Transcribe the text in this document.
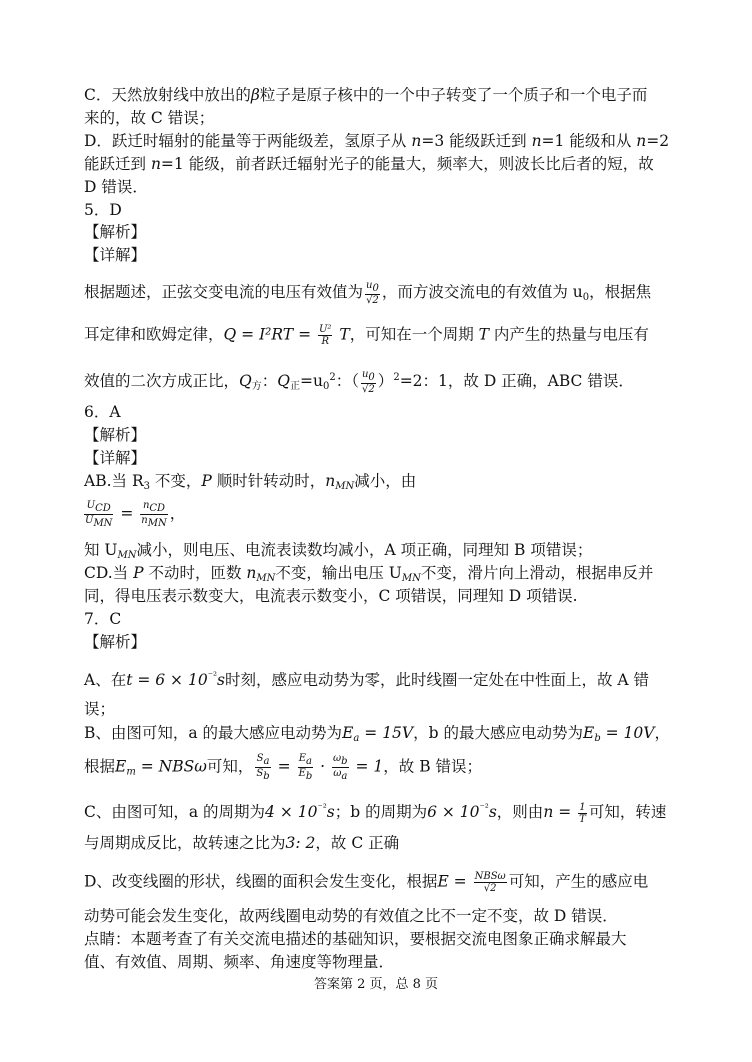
C．天然放射线中放出的β粒子是原子核中的一个中子转变了一个质子和一个电子而
来的，故 C 错误；
D．跃迁时辐射的能量等于两能级差，氢原子从 n=3 能级跃迁到 n=1 能级和从 n=2
能跃迁到 n=1 能级，前者跃迁辐射光子的能量大，频率大，则波长比后者的短，故
D 错误．
5．D
【解析】
【详解】
根据题述，正弦交变电流的电压有效值为 $\frac{u0}{√2}$ ，而方波交流电的有效值为 $u_0$，根据焦
耳定律和欧姆定律，$Q = I^2RT = \frac{\text{U²}}{R}$ T，可知在一个周期 T 内产生的热量与电压有
效值的二次方成正比，$Q_方$：$Q_正=u_0^2$：（ $\frac{u0}{√2} )^2=2$：1，故 D 正确，ABC 错误．
6．A
【解析】
【详解】
AB.当 $R_3$ 不变，P 顺时针转动时，$n_{MN}$减小，由
$\frac{\text{UCD}}{\text{UMN}} = \frac{\text{nCD}}{\text{nMN}}$ ，
知 $U_{MN}$减小，则电压、电流表读数均减小，A 项正确，同理知 B 项错误；
CD.当 P 不动时，匝数 $n_{MN}$不变，输出电压 $U_{MN}$不变，滑片向上滑动，根据串反并
同，得电压表示数变大，电流表示数变小，C 项错误，同理知 D 项错误.
7．C
【解析】
A、在$t = 6 \times 10^{^{-2}}s$时刻，感应电动势为零，此时线圈一定处在中性面上，故 A 错
误；
B、由图可知，a 的最大感应电动势为$E_a = 15V$，b 的最大感应电动势为$E_b = 10V$，
根据$E_m = NBS\omega$可知， $\frac{Sa}{Sb} = \frac{Ea}{Eb} \cdot \frac{\omega b}{\omega a} = 1$，故 B 错误；
C、由图可知，a 的周期为$4 \times 10^{^{-2}}s$；b 的周期为$6 \times 10^{^{-2}}s$，则由$n = \frac{1}{T}$ 可知，转速
与周期成反比，故转速之比为3: 2，故 C 正确
D、改变线圈的形状，线圈的面积会发生变化，根据$E = \frac{\text{NBSω}}{√2}$ 可知，产生的感应电
动势可能会发生变化，故两线圈电动势的有效值之比不一定不变，故 D 错误．
点睛：本题考查了有关交流电描述的基础知识，要根据交流电图象正确求解最大
值、有效值、周期、频率、角速度等物理量．
答案第 2 页，总 8 页
